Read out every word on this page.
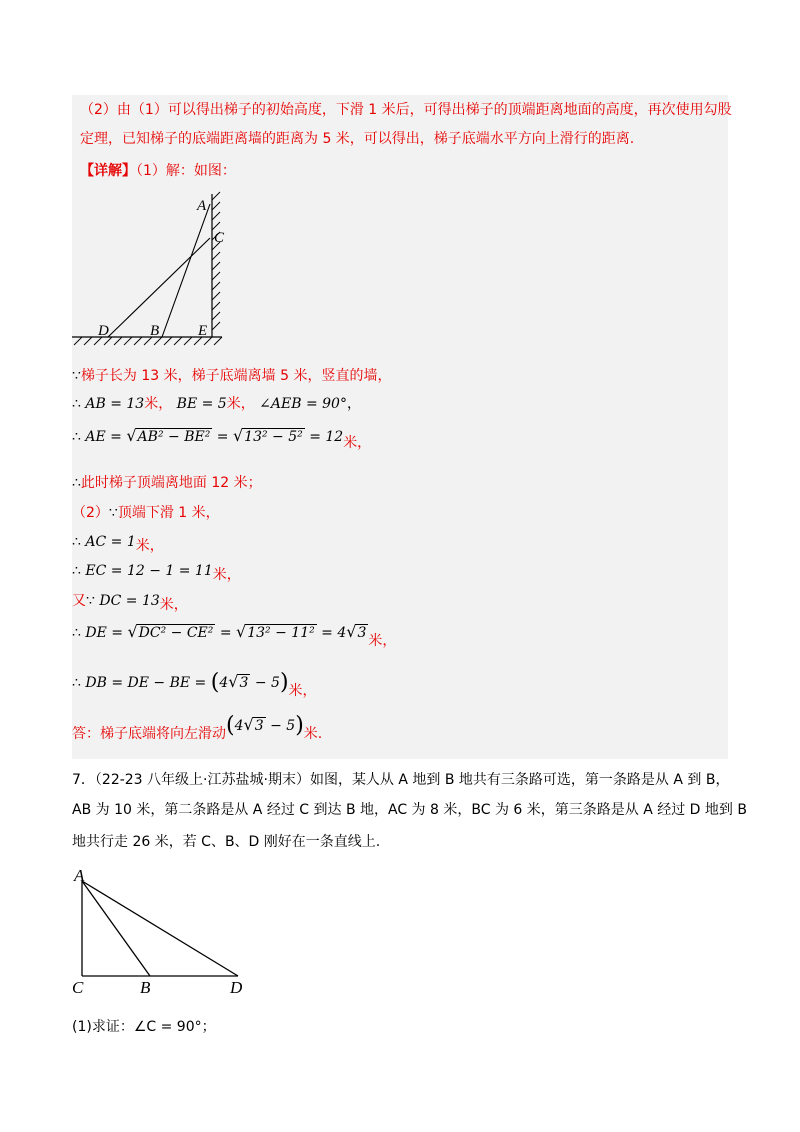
（2）由（1）可以得出梯子的初始高度，下滑 1 米后，可得出梯子的顶端距离地面的高度，再次使用勾股
定理，已知梯子的底端距离墙的距离为 5 米，可以得出，梯子底端水平方向上滑行的距离.
【详解】（1）解：如图：
A
C
D	B	E
∵梯子长为 13 米，梯子底端离墙 5 米，竖直的墙，
∴ AB = 13米， BE = 5米， ∠AEB = 90°，
∴ AE = √AB² − BE² = √13² − 5² = 12米，
∴此时梯子顶端离地面 12 米；
（2）∵顶端下滑 1 米，
∴ AC = 1米，
∴ EC = 12 − 1 = 11米，
又∵ DC = 13米，
∴ DE = √DC² − CE² = √13² − 11² = 4√3 米，
∴ DB = DE − BE = (4√3 − 5)米，
答：梯子底端将向左滑动(4√3 − 5)米.
7．（22-23 八年级上·江苏盐城·期末）如图，某人从 A 地到 B 地共有三条路可选，第一条路是从 A 到 B，
AB 为 10 米，第二条路是从 A 经过 C 到达 B 地，AC 为 8 米，BC 为 6 米，第三条路是从 A 经过 D 地到 B
地共行走 26 米，若 C、B、D 刚好在一条直线上.
A
C	B	D
(1)求证：∠C = 90°；
